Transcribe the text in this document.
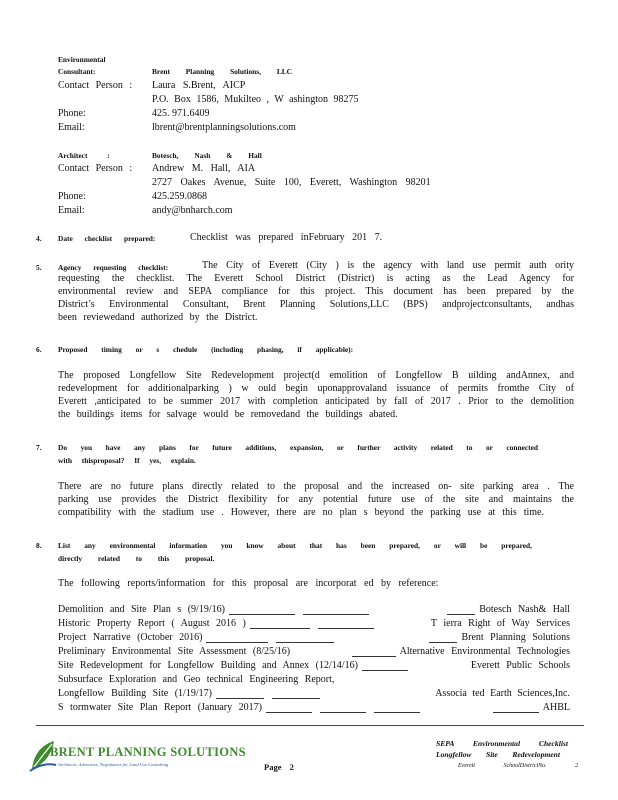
Environmental
Consultant:	Brent Planning Solutions, LLC
Contact Person : Laura S.Brent, AICP
P.O. Box 1586, Mukilteo , W ashington 98275
Phone:	425. 971.6409
Email:	lbrent@brentplanningsolutions.com
Architect :	Botesch, Nash & Hall
Contact Person : Andrew M. Hall, AIA
2727 Oakes Avenue, Suite 100, Everett, Washington 98201
Phone:	425.259.0868
Email:	andy@bnharch.com
4. Date checklist prepared:	Checklist was prepared inFebruary 201 7.
5. Agency requesting checklist:	The City of Everett (City ) is the agency with land use permit auth ority
requesting the checklist. The Everett School District (District) is acting as the Lead Agency for
environmental review and SEPA compliance for this project. This document has been prepared by the
District’s Environmental Consultant, Brent Planning Solutions,LLC (BPS) andprojectconsultants, andhas
been reviewedand authorized by the District.
6. Proposed timing or s chedule (including phasing, if applicable):
The proposed Longfellow Site Redevelopment project(d emolition of Longfellow B uilding andAnnex, and
redevelopment for additionalparking ) w ould begin uponapprovaland issuance of permits fromthe City of
Everett ,anticipated to be summer 2017 with completion anticipated by fall of 2017 . Prior to the demolition
the buildings items for salvage would be removedand the buildings abated.
7. Do you have any plans for future additions, expansion, or further activity related to or connected
with thisproposal? If yes, explain.
There are no future plans directly related to the proposal and the increased on- site parking area . The
parking use provides the District flexibility for any potential future use of the site and maintains the
compatibility with the stadium use . However, there are no plan s beyond the parking use at this time.
8. List any environmental information you know about that has been prepared, or will be prepared,
directly related to this proposal.
The following reports/information for this proposal are incorporat ed by reference:
Demolition and Site Plan s (9/19/16)	Botesch Nash& Hall
Historic Property Report ( August 2016 )	T ierra Right of Way Services
Project Narrative (October 2016)	Brent Planning Solutions
Preliminary Environmental Site Assessment (8/25/16)	Alternative Environmental Technologies
Site Redevelopment for Longfellow Building and Annex (12/14/16)	Everett Public Schools
Subsurface Exploration and Geo technical Engineering Report,
Longfellow Building Site (1/19/17)	Associa ted Earth Sciences,Inc.
S tormwater Site Plan Report (January 2017)	AHBL
BRENT PLANNING SOLUTIONS
Architects, Advocates, Negotiators for Land Use Consulting	Page 2
SEPA Environmental Checklist
Longfellow Site Redevelopment
Everett SchoolDistrictNo. 2
